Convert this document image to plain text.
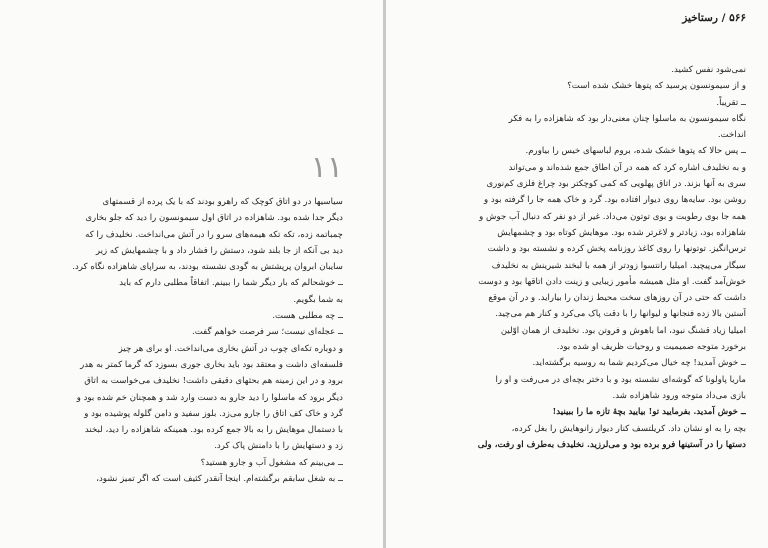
۵۶۶ / رستاخیز
نمی‌شود نفس کشید.
و از سیمونسون پرسید که پتوها خشک شده است؟
ــ تقریباً.
نگاه سیمونسون به ماسلوا چنان معنی‌دار بود که شاهزاده را به فکر
انداخت.
ــ پس حالا که پتوها خشک شده، بروم لباسهای خیس را بیاورم.
و به نخلیدف اشاره کرد که همه در آن اطاق جمع شده‌اند و می‌تواند
سری به آنها بزند. در اتاق پهلویی که کمی کوچکتر بود چراغ فلزی کم‌نوری
روشن بود. سایه‌ها روی دیوار افتاده بود. گرد و خاک همه جا را گرفته بود و
همه جا بوی رطوبت و بوی توتون می‌داد. غیر از دو نفر که دنبال آب جوش و
شاهزاده بود، زیادتر و لاغرتر شده بود. موهایش کوتاه بود و چشمهایش
ترس‌انگیز. توتونها را روی کاغذ روزنامه پخش کرده و نشسته بود و داشت
سیگار می‌پیچید. امیلیا رانتسوا زودتر از همه با لبخند شیرینش به نخلیدف
خوش‌آمد گفت. او مثل همیشه مأمور زیبایی و زینت دادن اتاقها بود و دوست
داشت که حتی در آن روزهای سخت محیط زندان را بیاراید. و در آن موقع
آستین بالا زده فنجانها و لیوانها را با دقت پاک می‌کرد و کنار هم می‌چید.
امیلیا زیاد قشنگ نبود، اما باهوش و فروتن بود. نخلیدف از همان اوّلین
برخورد متوجه صمیمیت و روحیات ظریف او شده بود.
ــ خوش آمدید! چه خیال می‌کردیم شما به روسیه برگشته‌اید.
ماریا پاولونا که گوشه‌ای نشسته بود و با دختر بچه‌ای در می‌رفت و او را
بازی می‌داد متوجه ورود شاهزاده شد.
ــ خوش آمدید. بفرمایید تو! بیایید بچهٔ تازه ما را ببینید!
بچه را به او نشان داد. کریلتسف کنار دیوار زانوهایش را بغل کرده،
دستها را در آستینها فرو برده بود و می‌لرزید. نخلیدف به‌طرف او رفت، ولی
۱۱
سیاسیها در دو اتاق کوچک که راهرو بودند که با یک پرده از قسمتهای
دیگر جدا شده بود. شاهزاده در اتاق اول سیمونسون را دید که جلو بخاری
چمباتمه زده، تکه تکه هیمه‌های سرو را در آتش می‌انداخت. نخلیدف را که
دید بی آنکه از جا بلند شود، دستش را فشار داد و با چشمهایش که زیر
سایبان ابروان پرپشتش به گودی نشسته بودند، به سراپای شاهزاده نگاه کرد.
ــ خوشحالم که بار دیگر شما را ببینم. اتفاقاً مطلبی دارم که باید
به شما بگویم.
ــ چه مطلبی هست.
ــ عجله‌ای نیست؛ سر فرصت خواهم گفت.
و دوباره تکه‌ای چوب در آتش بخاری می‌انداخت. او برای هر چیز
فلسفه‌ای داشت و معتقد بود باید بخاری جوری بسوزد که گرما کمتر به هدر
برود و در این زمینه هم بحثهای دقیقی داشت! نخلیدف می‌خواست به اتاق
دیگر برود که ماسلوا را دید جارو به دست وارد شد و همچنان خم شده بود و
گرد و خاک کف اتاق را جارو می‌زد. بلوز سفید و دامن گلوله پوشیده بود و
با دستمال موهایش را به بالا جمع کرده بود. همینکه شاهزاده را دید، لبخند
زد و دستهایش را با دامنش پاک کرد.
ــ می‌بینم که مشغول آب و جارو هستید؟
ــ به شغل سابقم برگشته‌ام. اینجا آنقدر کثیف است که اگر تمیز نشود،
